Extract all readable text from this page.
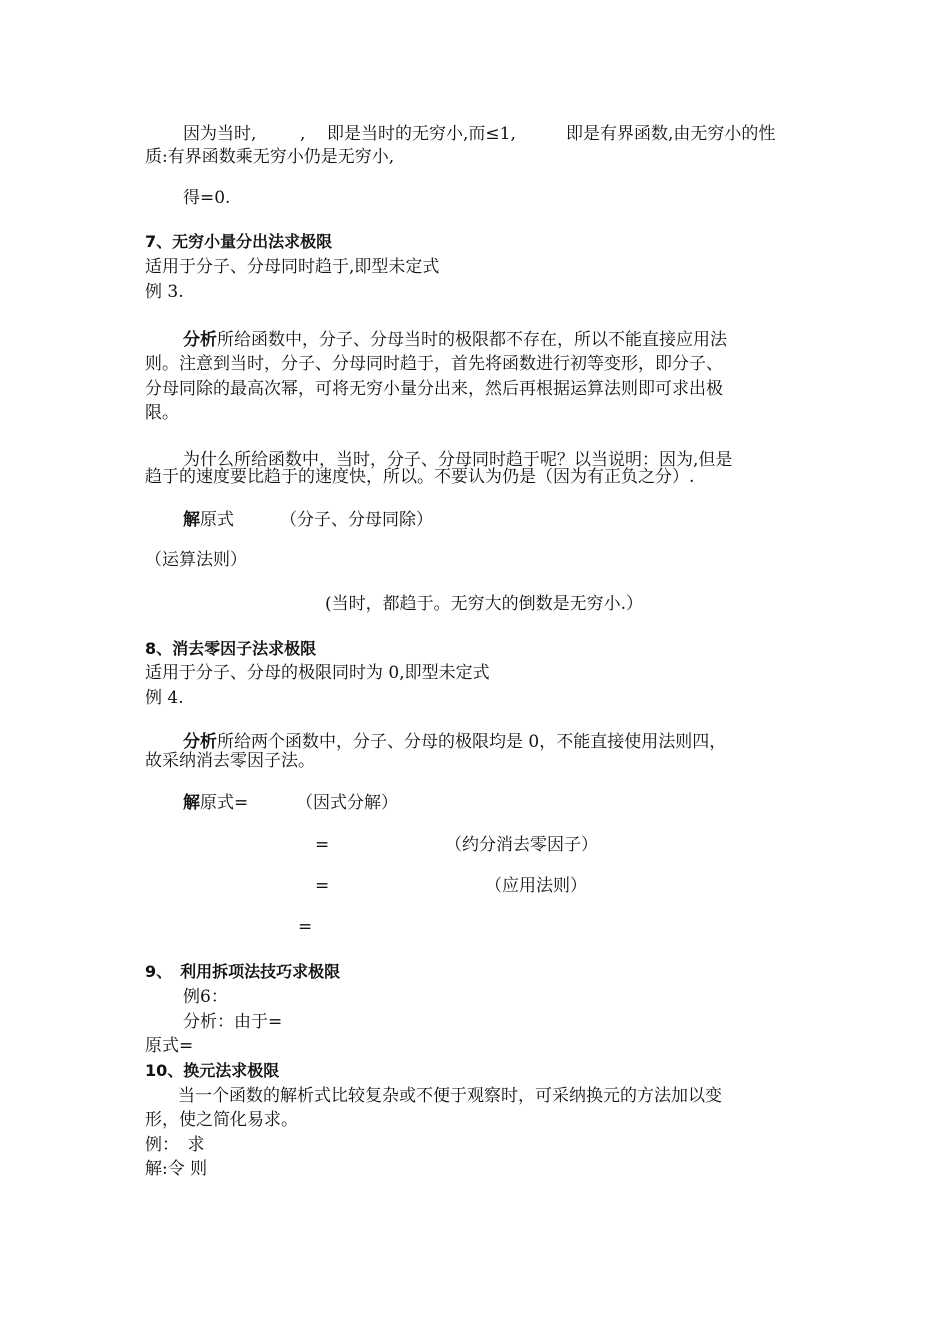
因为当时,	, 即是当时的无穷小,而≤1,	即是有界函数,由无穷小的性
质:有界函数乘无穷小仍是无穷小,
得=0.
7、无穷小量分出法求极限
适用于分子、分母同时趋于,即型未定式
例 3.
分析所给函数中，分子、分母当时的极限都不存在，所以不能直接应用法
则。注意到当时，分子、分母同时趋于，首先将函数进行初等变形，即分子、
分母同除的最高次幂，可将无穷小量分出来，然后再根据运算法则即可求出极
限。
为什么所给函数中，当时，分子、分母同时趋于呢？以当说明：因为,但是
趋于的速度要比趋于的速度快，所以。不要认为仍是（因为有正负之分）.
解原式	（分子、分母同除）
（运算法则）
(当时，都趋于。无穷大的倒数是无穷小.）
8、消去零因子法求极限
适用于分子、分母的极限同时为 0,即型未定式
例 4.
分析所给两个函数中，分子、分母的极限均是 0，不能直接使用法则四，
故采纳消去零因子法。
解原式=	（因式分解）
=	（约分消去零因子）
=	（应用法则）
=
9、　利用拆项法技巧求极限
例6：
分析：由于=
原式=
10、换元法求极限
当一个函数的解析式比较复杂或不便于观察时，可采纳换元的方法加以变
形，使之简化易求。
例：　求
解:令 则
